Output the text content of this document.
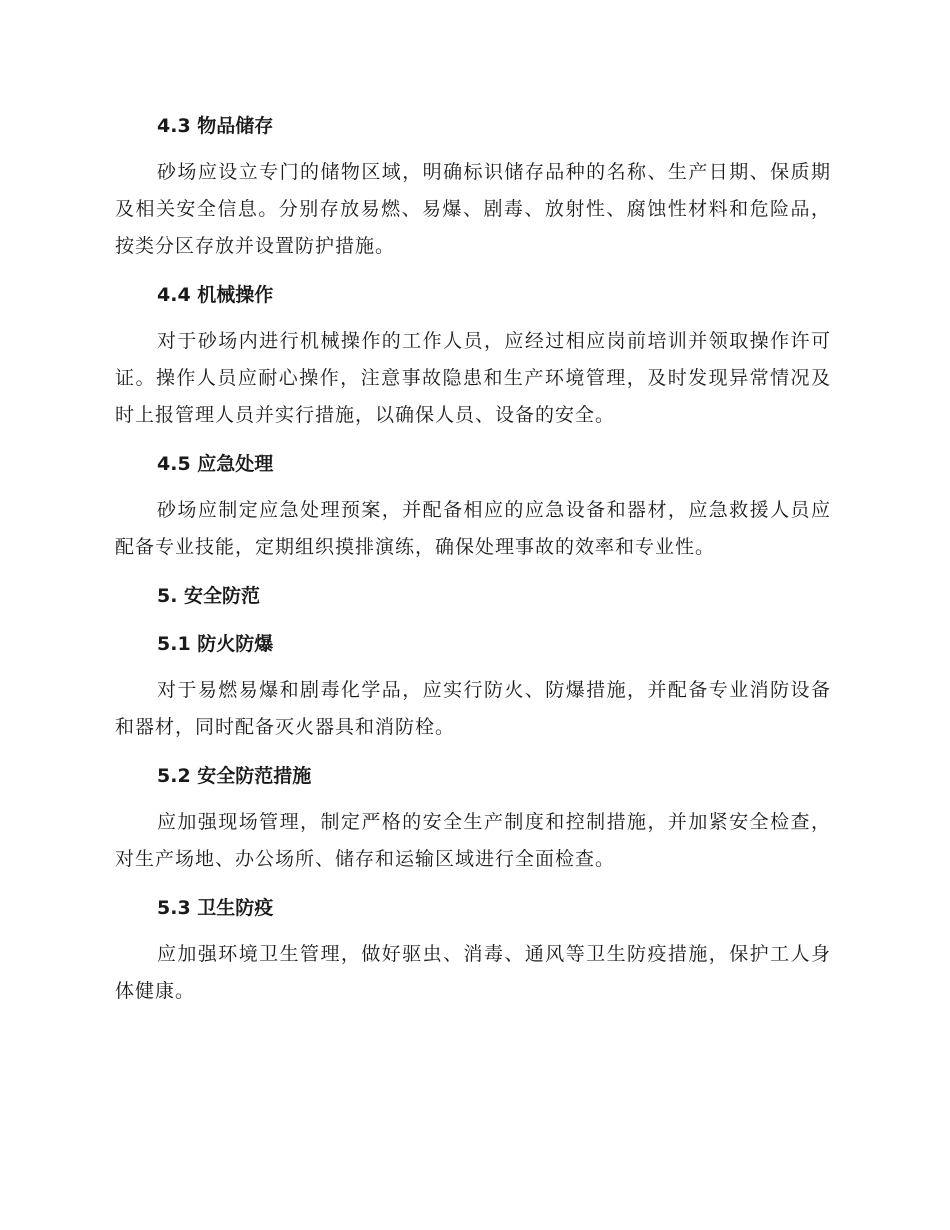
4.3 物品储存

砂场应设立专门的储物区域，明确标识储存品种的名称、生产日期、保质期及相关安全信息。分别存放易燃、易爆、剧毒、放射性、腐蚀性材料和危险品，按类分区存放并设置防护措施。

4.4 机械操作

对于砂场内进行机械操作的工作人员，应经过相应岗前培训并领取操作许可证。操作人员应耐心操作，注意事故隐患和生产环境管理，及时发现异常情况及时上报管理人员并实行措施，以确保人员、设备的安全。

4.5 应急处理

砂场应制定应急处理预案，并配备相应的应急设备和器材，应急救援人员应配备专业技能，定期组织摸排演练，确保处理事故的效率和专业性。

5. 安全防范
5.1 防火防爆

对于易燃易爆和剧毒化学品，应实行防火、防爆措施，并配备专业消防设备和器材，同时配备灭火器具和消防栓。

5.2 安全防范措施

应加强现场管理，制定严格的安全生产制度和控制措施，并加紧安全检查，对生产场地、办公场所、储存和运输区域进行全面检查。

5.3 卫生防疫

应加强环境卫生管理，做好驱虫、消毒、通风等卫生防疫措施，保护工人身体健康。
